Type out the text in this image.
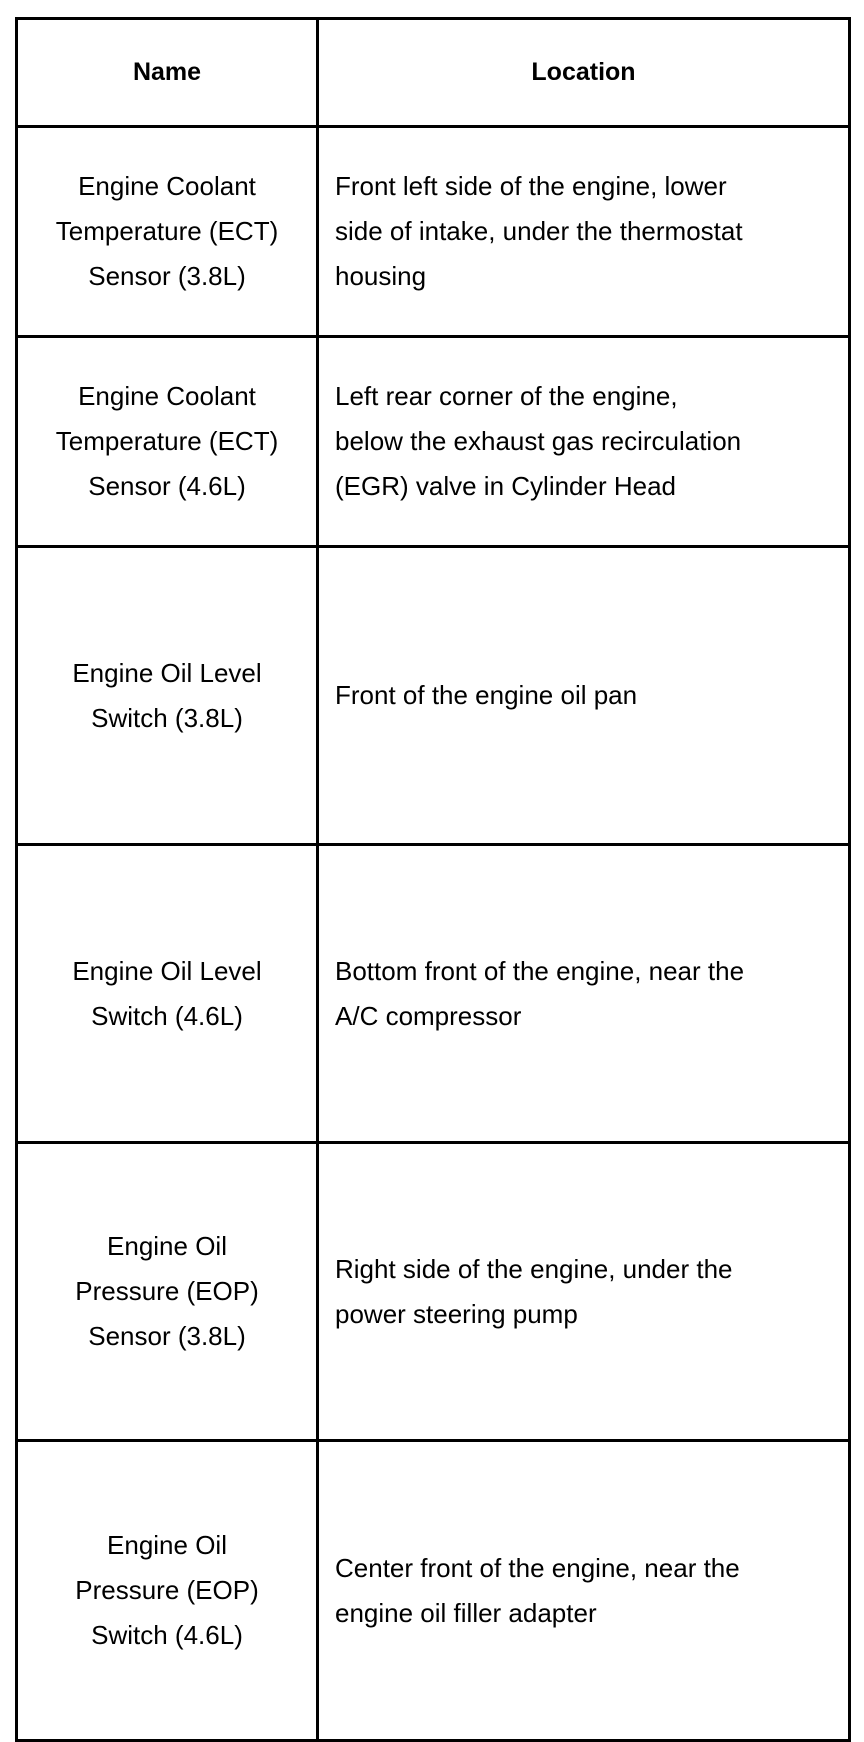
Name	Location

Engine Coolant
Temperature (ECT)
Sensor (3.8L)	Front left side of the engine, lower
side of intake, under the thermostat
housing

Engine Coolant
Temperature (ECT)
Sensor (4.6L)	Left rear corner of the engine,
below the exhaust gas recirculation
(EGR) valve in Cylinder Head

Engine Oil Level
Switch (3.8L)	Front of the engine oil pan

Engine Oil Level
Switch (4.6L)	Bottom front of the engine, near the
A/C compressor

Engine Oil
Pressure (EOP)
Sensor (3.8L)	Right side of the engine, under the
power steering pump

Engine Oil
Pressure (EOP)
Switch (4.6L)	Center front of the engine, near the
engine oil filler adapter
